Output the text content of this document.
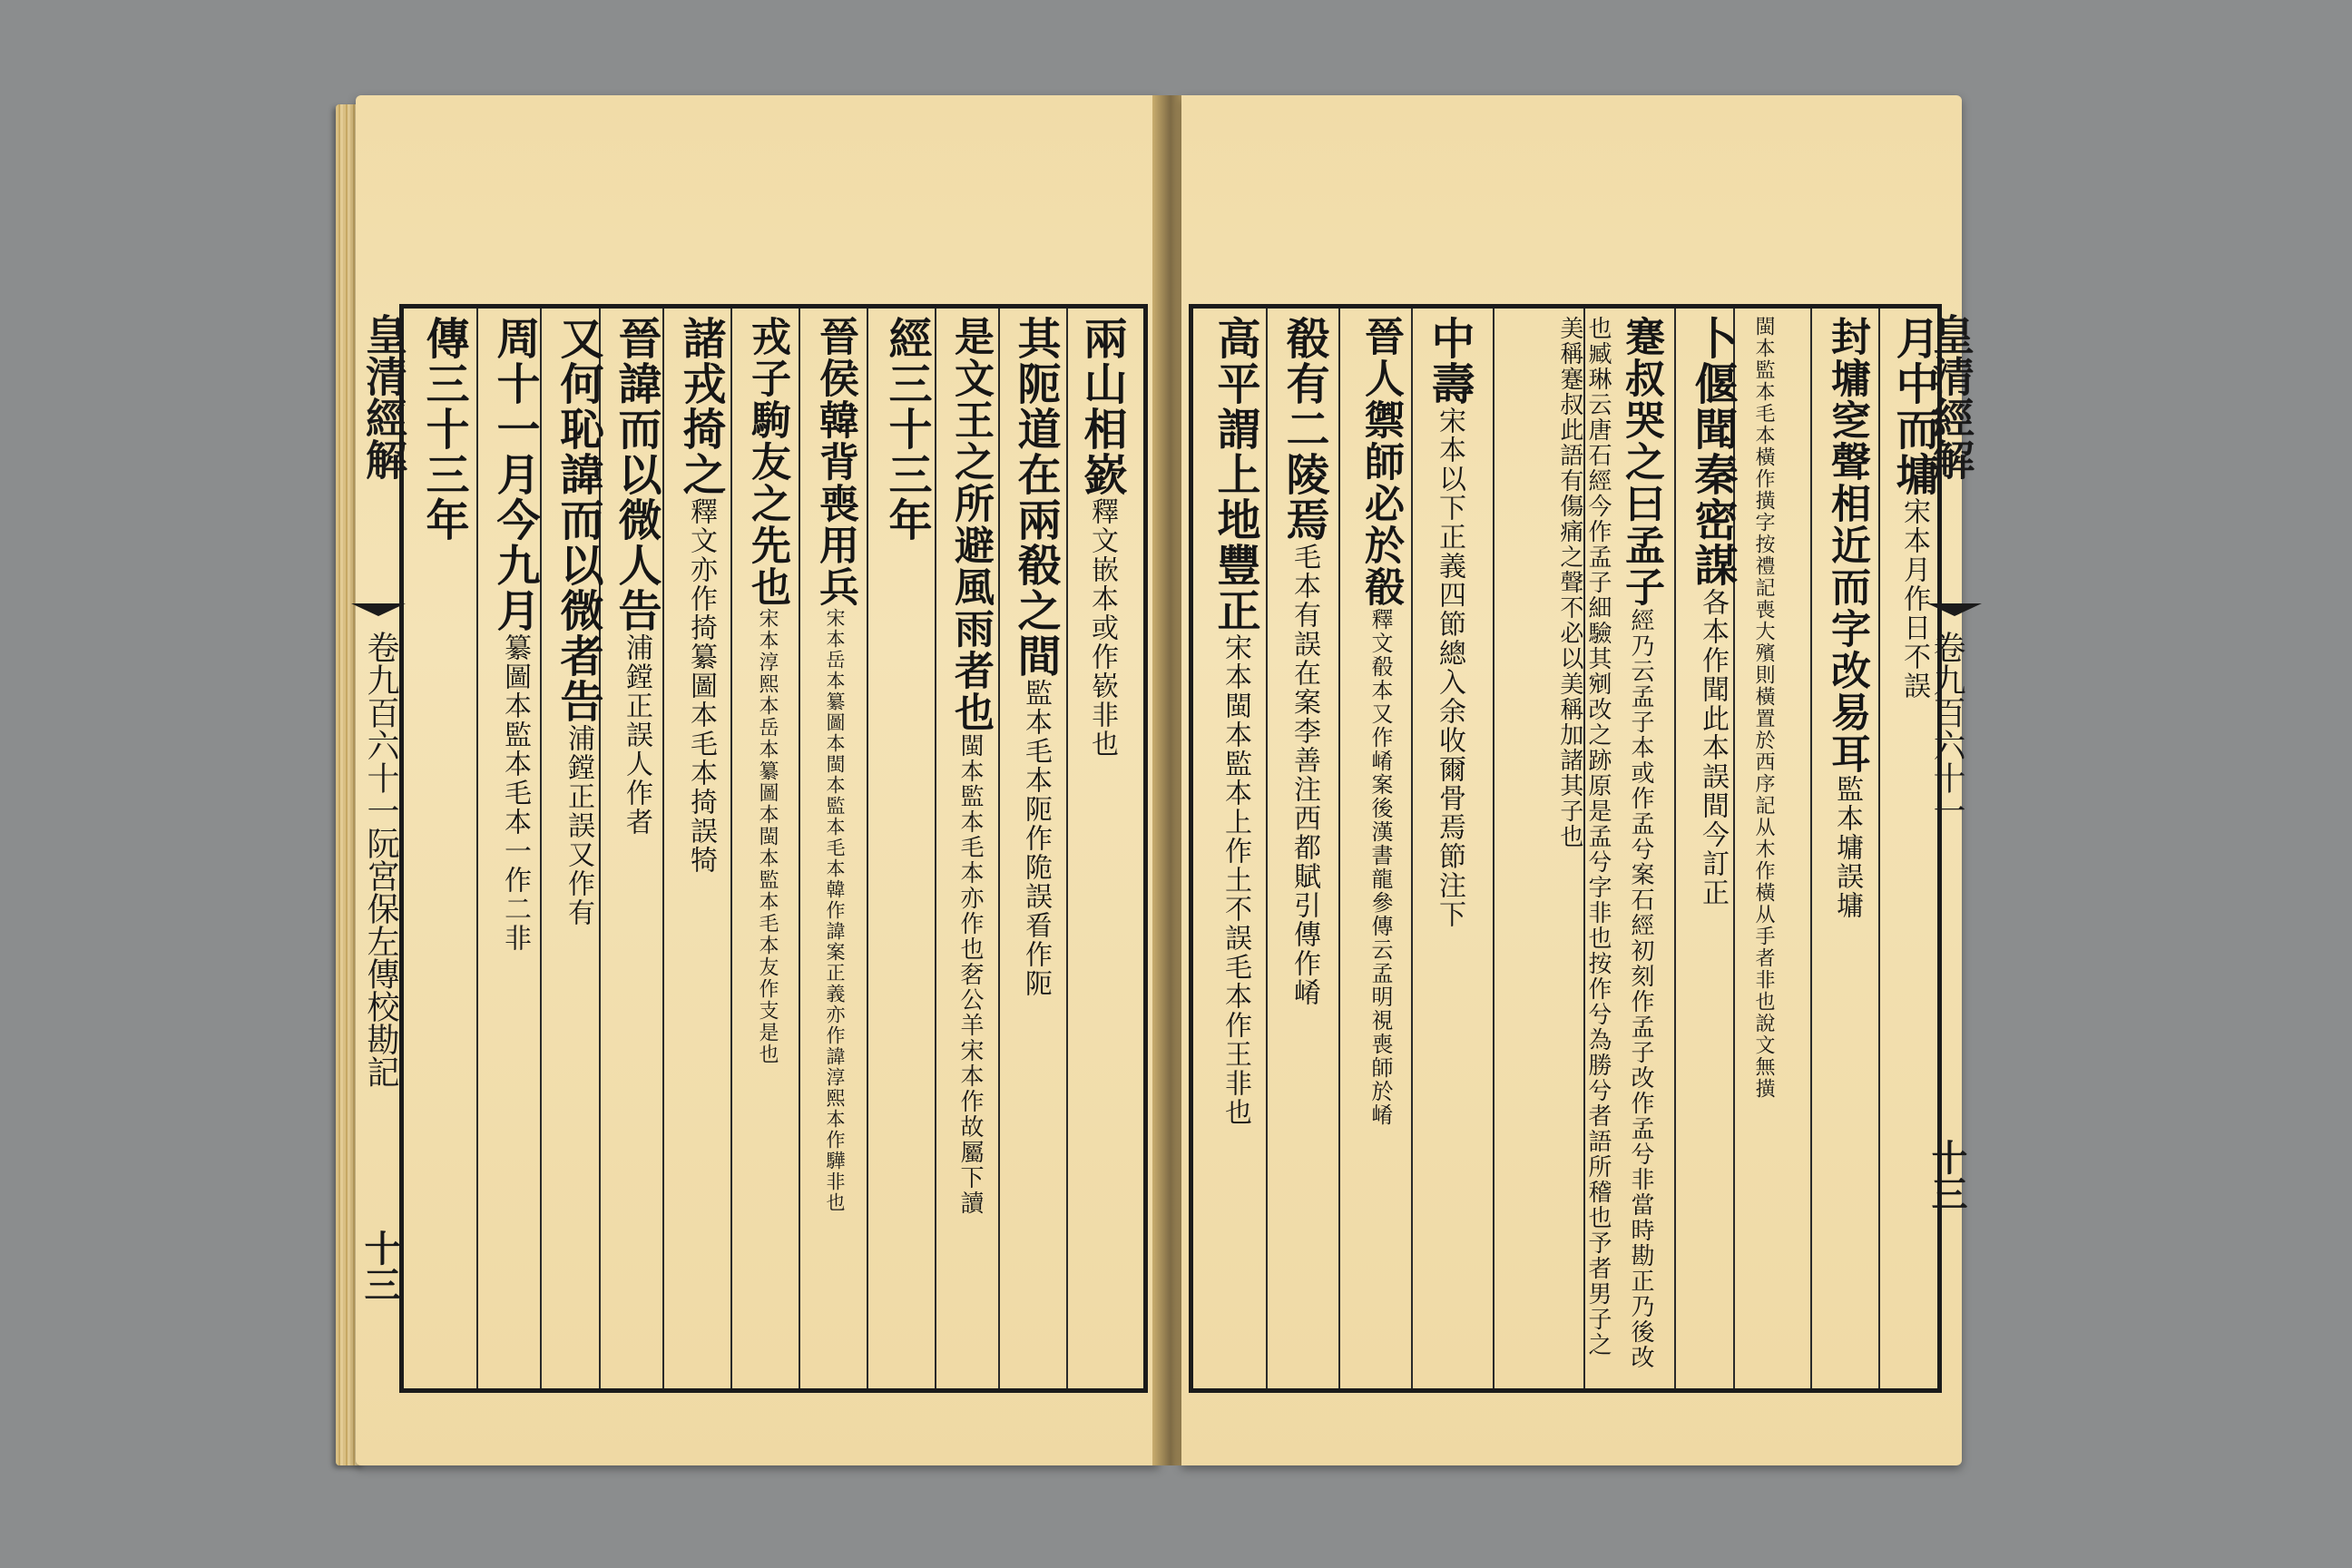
兩山相嶔釋文嵌本或作嵚非也
其阨道在兩殽之間監本毛本阨作陒誤㸔作阨
是文王之所避風雨者也閩本監本毛本亦作也㚚公羊宋本作故屬下讀
經三十三年
晉侯韓背喪用兵宋本岳本纂圖本閩本監本毛本韓作諱案正義亦作諱淳熙本作驊非也
戎子駒友之先也宋本淳熙本岳本纂圖本閩本監本毛本友作支是也
諸戎掎之釋文亦作掎纂圖本毛本掎誤犄
晉諱而以微人告浦鏜正誤人作者
又何恥諱而以微者告浦鏜正誤又作有
周十一月今九月纂圖本監本毛本一作二非
傳三十三年
皇清經解
卷九百六十一阮宮保左傳校勘記
十三
月中而墉宋本月作日不誤
封墉窆聲相近而字改易耳監本墉誤墉
閩本監本毛本橫作撗字按禮記喪大殯則橫置於西序記从木作橫从手者非也說文無撗
卜偃聞秦密謀各本作聞此本誤間今訂正
蹇叔哭之曰孟子經乃云孟子本或作孟兮案石經初刻作孟子改作孟兮非當時勘正乃後改也臧琳云唐石經今作孟子細驗其剜改之跡原是孟兮字非也按作兮為勝兮者語所稽也予者男子之美稱蹇叔此語有傷痛之聲不必以美稱加諸其子也
中壽宋本以下正義四節總入余收爾骨焉節注下
晉人禦師必於殽釋文殽本又作崤案後漢書龍參傳云孟明視喪師於崤
殽有二陵焉毛本有誤在案李善注西都賦引傳作崤
高平謂上地豐正宋本閩本監本上作土不誤毛本作王非也
皇清經解
卷九百六十一
十三
